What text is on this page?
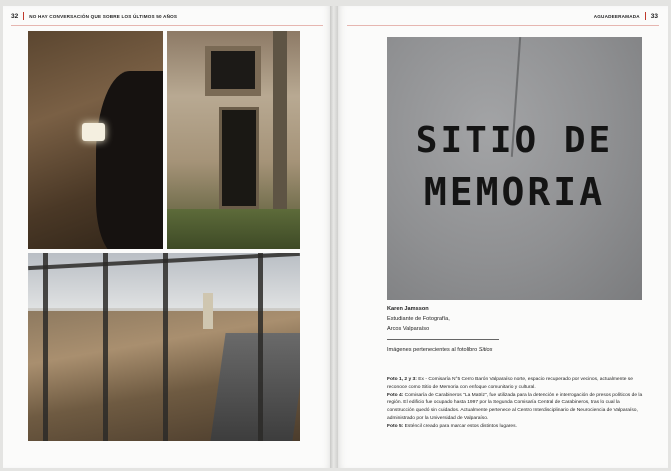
32 NO HAY CONVERSACIÓN QUE SOBRE LOS ÚLTIMOS 50 AÑOS	AGUADEERAMADA 33
SITIO DE
MEMORIA
Karen Jamsson
Estudiante de Fotografía,
Arcos Valparaíso
Imágenes pertenecientes al fotolibro Sitios
Foto 1, 2 y 3: Ex - Comisaría N°5 Cerro Barón Valparaíso norte, espacio recuperado por vecinos, actualmente se reconoce como Sitio de Memoria con enfoque comunitario y cultural.
Foto 4: Comisaría de Carabineros "La Matriz", fue utilizada para la detención e interrogación de presos políticos de la región. El edificio fue ocupado hasta 1997 por la Segunda Comisaría Central de Carabineros, tras lo cual la construcción quedó sin cuidados. Actualmente pertenece al Centro Interdisciplinario de Neurociencia de Valparaíso, administrado por la Universidad de Valparaíso.
Foto 5: Esténcil creado para marcar estos distintos lugares.
